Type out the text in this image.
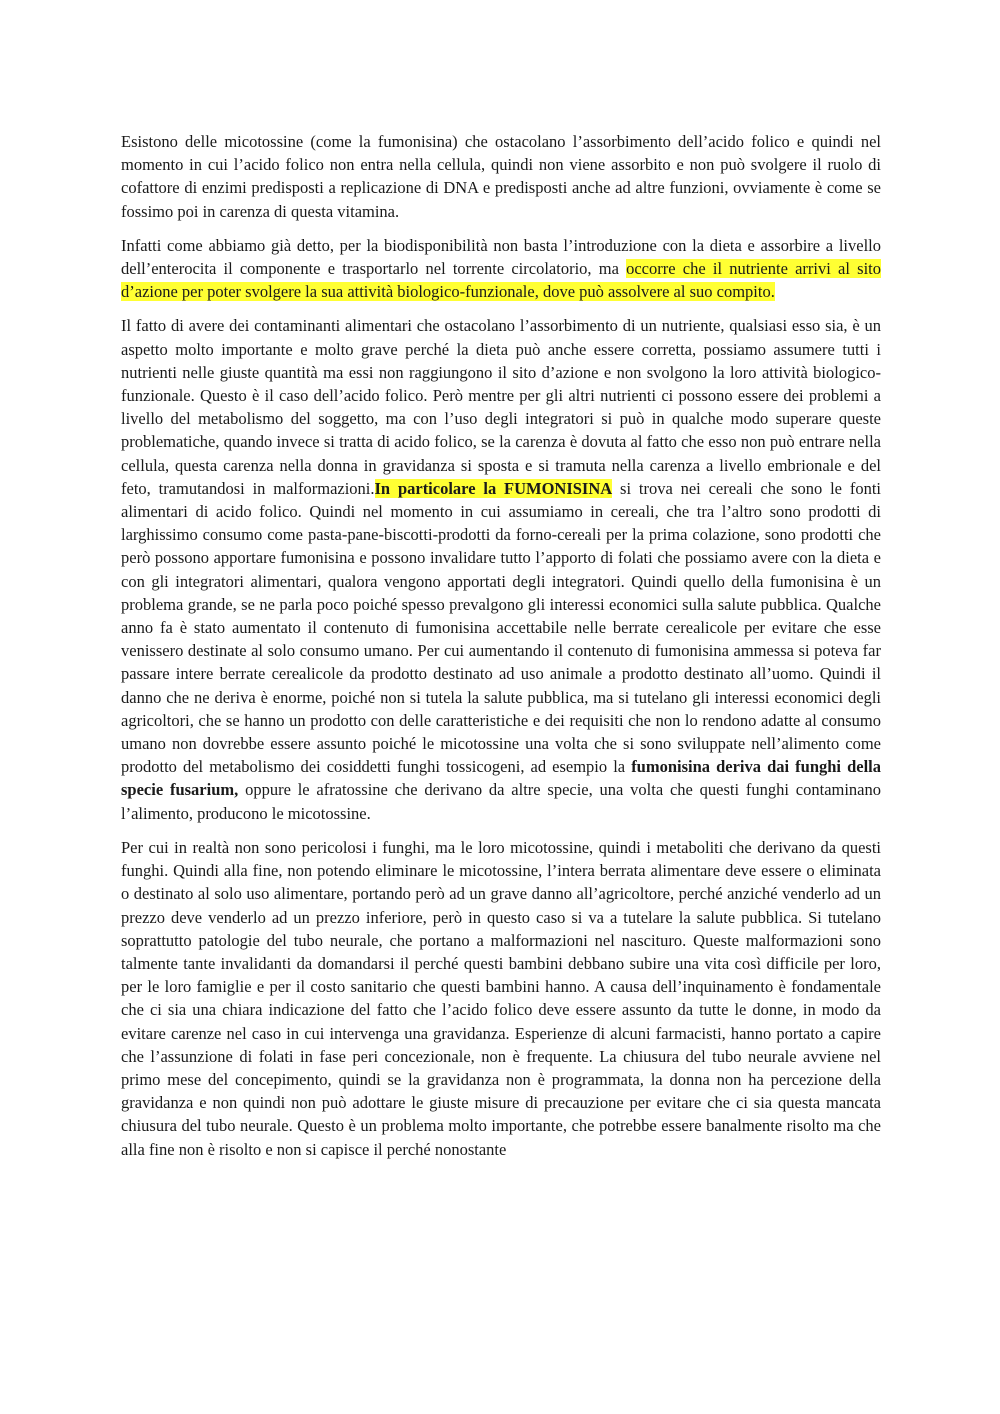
Esistono delle micotossine (come la fumonisina) che ostacolano l’assorbimento dell’acido folico e quindi nel momento in cui l’acido folico non entra nella cellula, quindi non viene assorbito e non può svolgere il ruolo di cofattore di enzimi predisposti a replicazione di DNA e predisposti anche ad altre funzioni, ovviamente è come se fossimo poi in carenza di questa vitamina.

Infatti come abbiamo già detto, per la biodisponibilità non basta l’introduzione con la dieta e assorbire a livello dell’enterocita il componente e trasportarlo nel torrente circolatorio, ma occorre che il nutriente arrivi al sito d’azione per poter svolgere la sua attività biologico-funzionale, dove può assolvere al suo compito.

Il fatto di avere dei contaminanti alimentari che ostacolano l’assorbimento di un nutriente, qualsiasi esso sia, è un aspetto molto importante e molto grave perché la dieta può anche essere corretta, possiamo assumere tutti i nutrienti nelle giuste quantità ma essi non raggiungono il sito d’azione e non svolgono la loro attività biologico-funzionale. Questo è il caso dell’acido folico. Però mentre per gli altri nutrienti ci possono essere dei problemi a livello del metabolismo del soggetto, ma con l’uso degli integratori si può in qualche modo superare queste problematiche, quando invece si tratta di acido folico, se la carenza è dovuta al fatto che esso non può entrare nella cellula, questa carenza nella donna in gravidanza si sposta e si tramuta nella carenza a livello embrionale e del feto, tramutandosi in malformazioni.In particolare la FUMONISINA si trova nei cereali che sono le fonti alimentari di acido folico. Quindi nel momento in cui assumiamo in cereali, che tra l’altro sono prodotti di larghissimo consumo come pasta-pane-biscotti-prodotti da forno-cereali per la prima colazione, sono prodotti che però possono apportare fumonisina e possono invalidare tutto l’apporto di folati che possiamo avere con la dieta e con gli integratori alimentari, qualora vengono apportati degli integratori. Quindi quello della fumonisina è un problema grande, se ne parla poco poiché spesso prevalgono gli interessi economici sulla salute pubblica. Qualche anno fa è stato aumentato il contenuto di fumonisina accettabile nelle berrate cerealicole per evitare che esse venissero destinate al solo consumo umano. Per cui aumentando il contenuto di fumonisina ammessa si poteva far passare intere berrate cerealicole da prodotto destinato ad uso animale a prodotto destinato all’uomo. Quindi il danno che ne deriva è enorme, poiché non si tutela la salute pubblica, ma si tutelano gli interessi economici degli agricoltori, che se hanno un prodotto con delle caratteristiche e dei requisiti che non lo rendono adatte al consumo umano non dovrebbe essere assunto poiché le micotossine una volta che si sono sviluppate nell’alimento come prodotto del metabolismo dei cosiddetti funghi tossicogeni, ad esempio la fumonisina deriva dai funghi della specie fusarium, oppure le afratossine che derivano da altre specie, una volta che questi funghi contaminano l’alimento, producono le micotossine.

Per cui in realtà non sono pericolosi i funghi, ma le loro micotossine, quindi i metaboliti che derivano da questi funghi. Quindi alla fine, non potendo eliminare le micotossine, l’intera berrata alimentare deve essere o eliminata o destinato al solo uso alimentare, portando però ad un grave danno all’agricoltore, perché anziché venderlo ad un prezzo deve venderlo ad un prezzo inferiore, però in questo caso si va a tutelare la salute pubblica. Si tutelano soprattutto patologie del tubo neurale, che portano a malformazioni nel nascituro. Queste malformazioni sono talmente tante invalidanti da domandarsi il perché questi bambini debbano subire una vita così difficile per loro, per le loro famiglie e per il costo sanitario che questi bambini hanno. A causa dell’inquinamento è fondamentale che ci sia una chiara indicazione del fatto che l’acido folico deve essere assunto da tutte le donne, in modo da evitare carenze nel caso in cui intervenga una gravidanza. Esperienze di alcuni farmacisti, hanno portato a capire che l’assunzione di folati in fase peri concezionale, non è frequente. La chiusura del tubo neurale avviene nel primo mese del concepimento, quindi se la gravidanza non è programmata, la donna non ha percezione della gravidanza e non quindi non può adottare le giuste misure di precauzione per evitare che ci sia questa mancata chiusura del tubo neurale. Questo è un problema molto importante, che potrebbe essere banalmente risolto ma che alla fine non è risolto e non si capisce il perché nonostante
